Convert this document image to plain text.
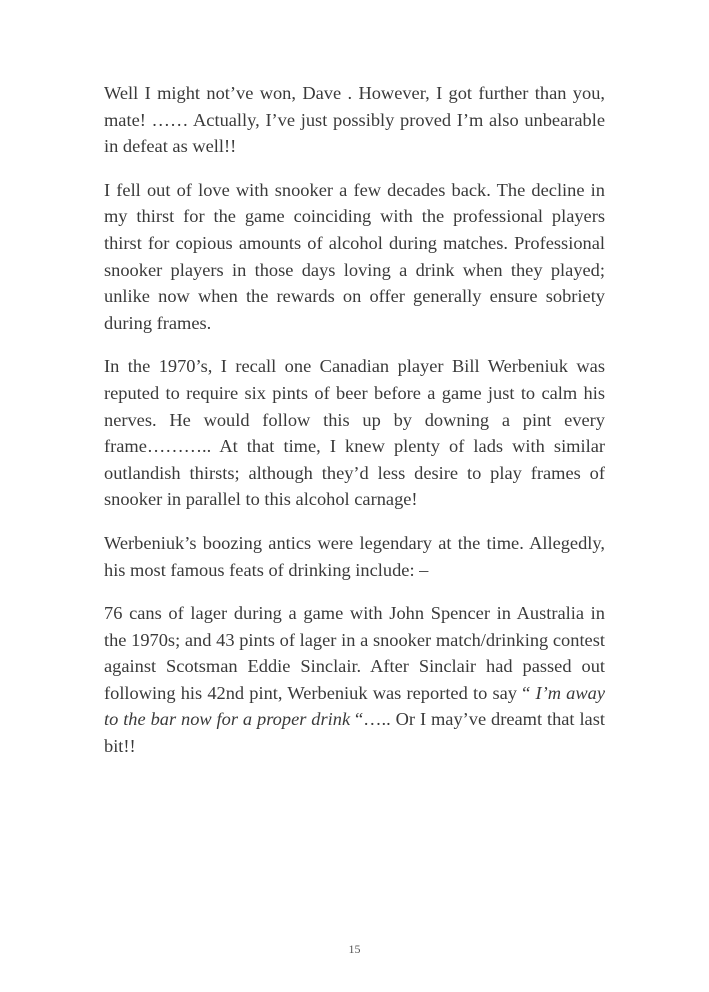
Well I might not’ve won, Dave . However, I got further than you, mate! …… Actually, I’ve just possibly proved I’m also unbearable in defeat as well!!

I fell out of love with snooker a few decades back. The decline in my thirst for the game coinciding with the professional players thirst for copious amounts of alcohol during matches. Professional snooker players in those days loving a drink when they played; unlike now when the rewards on offer generally ensure sobriety during frames.

In the 1970’s, I recall one Canadian player Bill Werbeniuk was reputed to require six pints of beer before a game just to calm his nerves. He would follow this up by downing a pint every frame……….. At that time, I knew plenty of lads with similar outlandish thirsts; although they’d less desire to play frames of snooker in parallel to this alcohol carnage!

Werbeniuk’s boozing antics were legendary at the time. Allegedly, his most famous feats of drinking include: –

76 cans of lager during a game with John Spencer in Australia in the 1970s; and 43 pints of lager in a snooker match/drinking contest against Scotsman Eddie Sinclair. After Sinclair had passed out following his 42nd pint, Werbeniuk was reported to say “ I’m away to the bar now for a proper drink “….. Or I may’ve dreamt that last bit!!

15
